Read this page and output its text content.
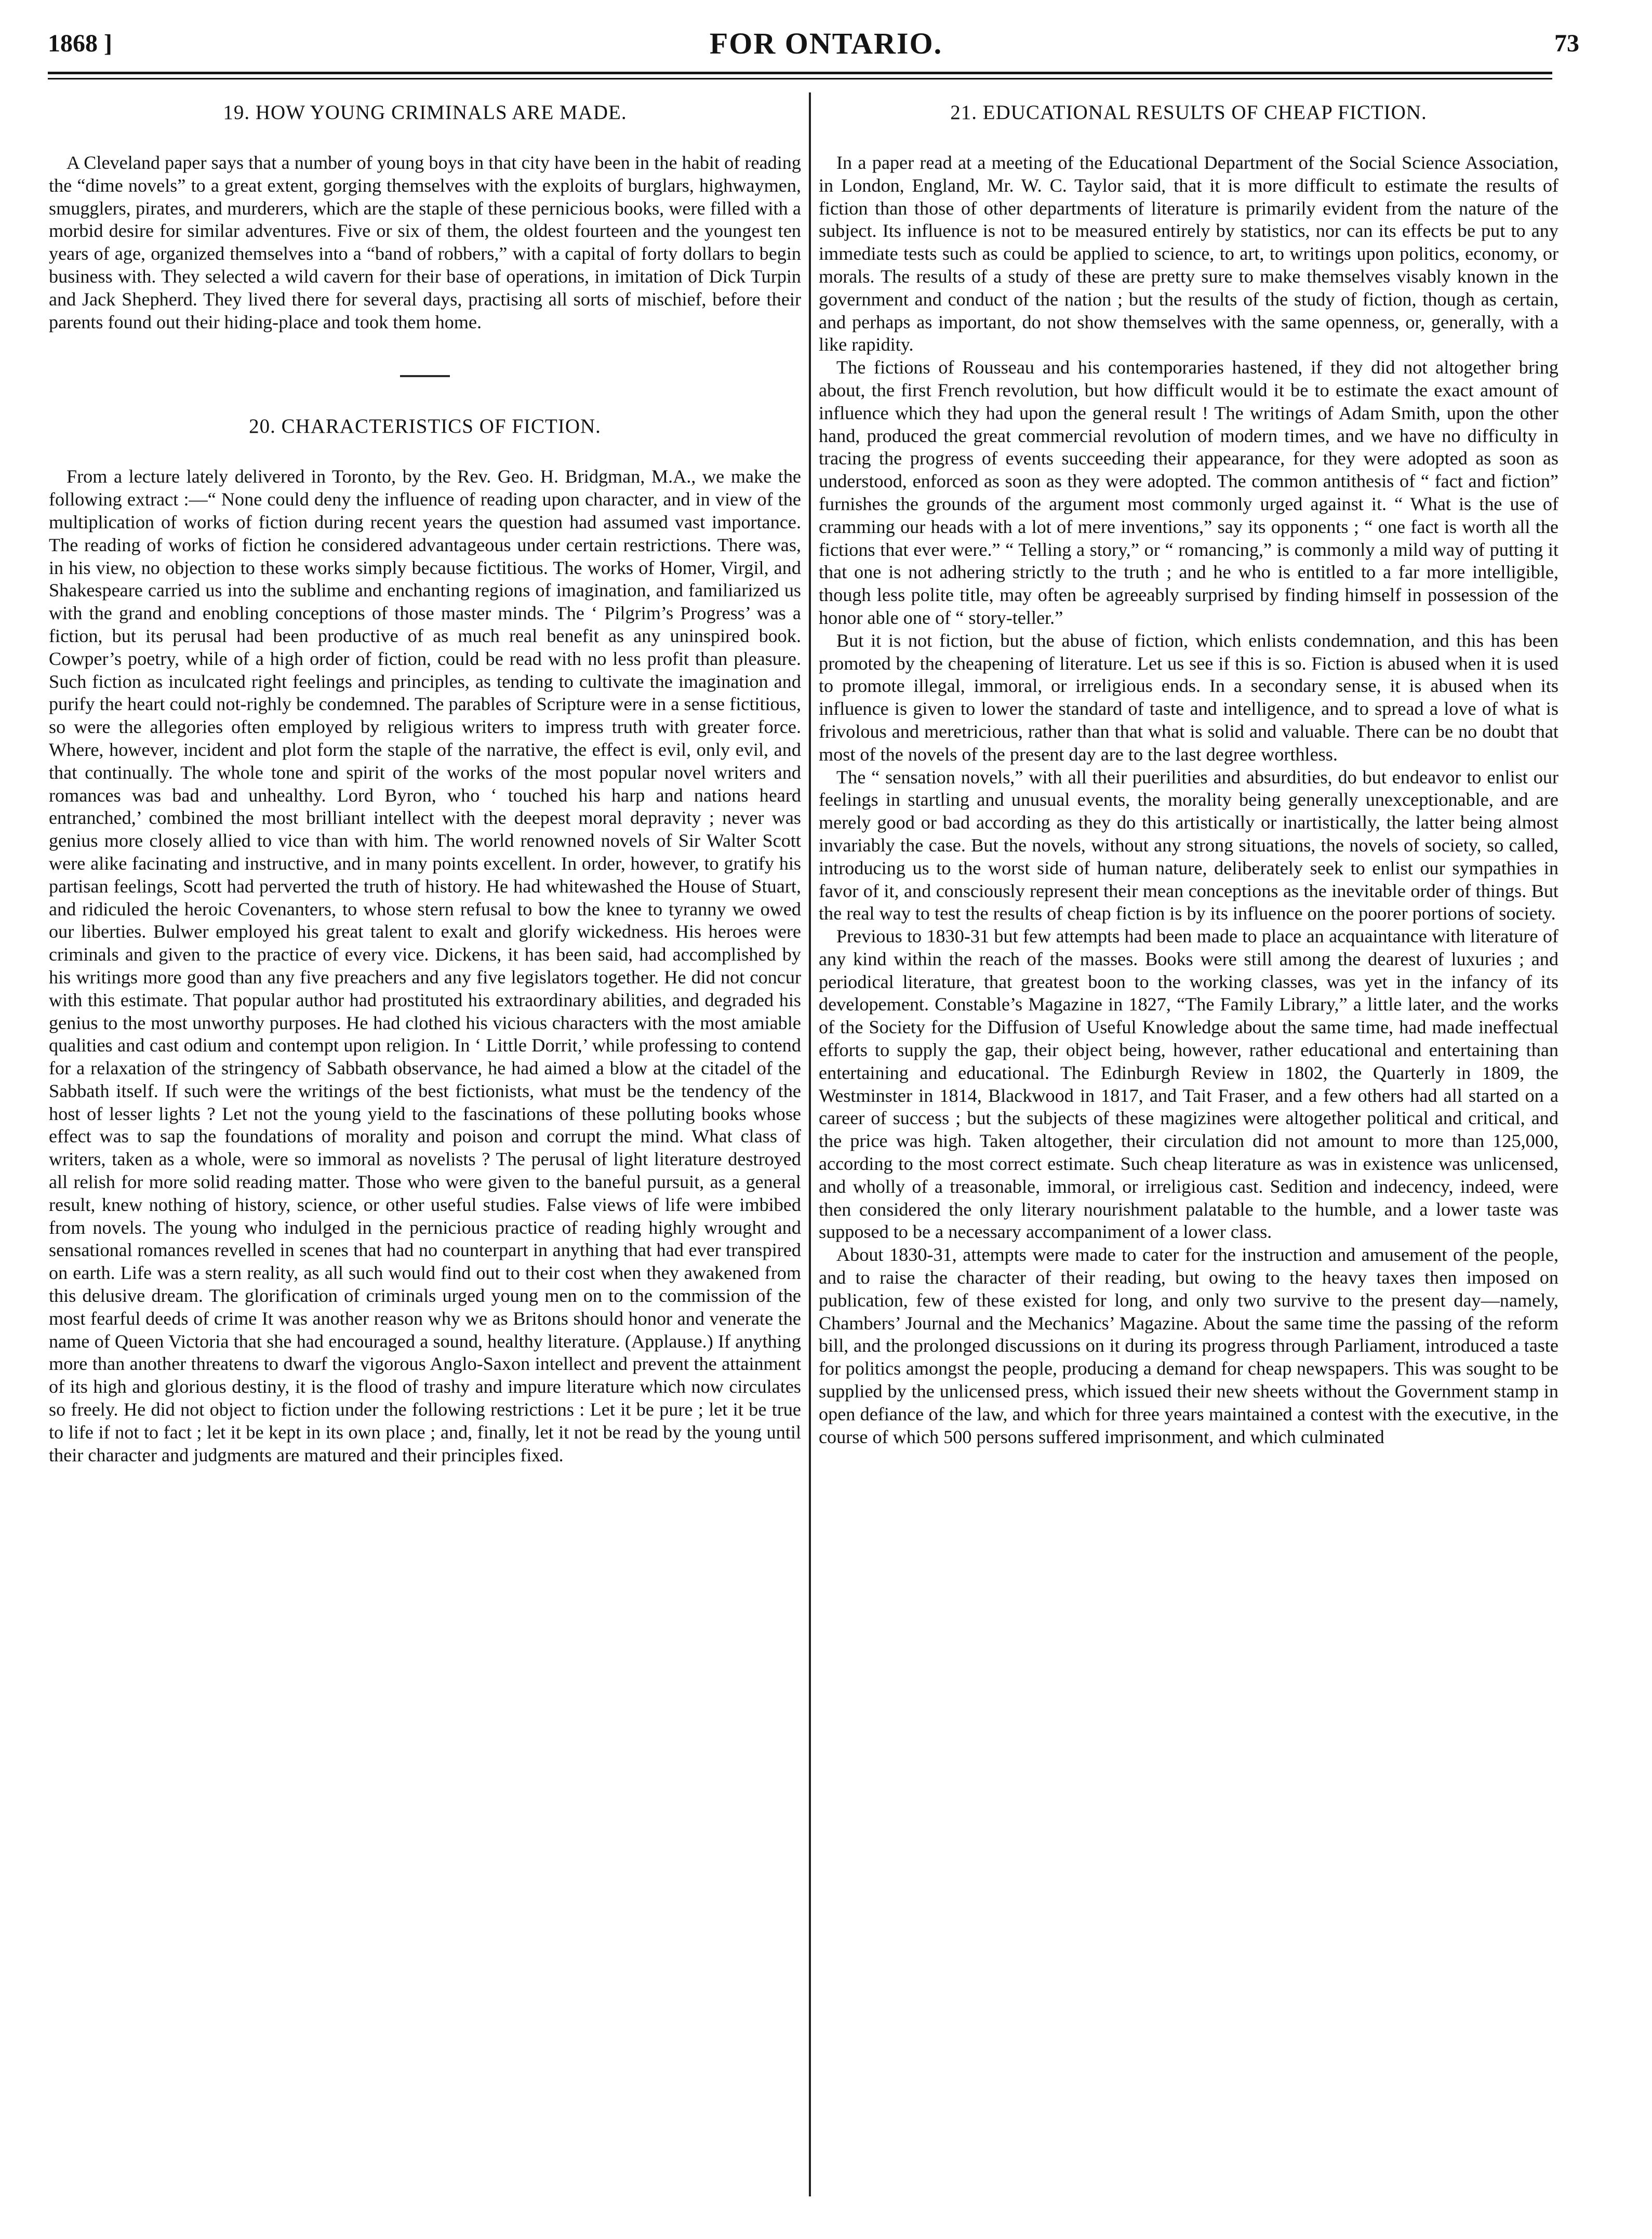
1868 ]	FOR ONTARIO.	73
19. HOW YOUNG CRIMINALS ARE MADE.

A Cleveland paper says that a number of young boys in that city have been in the habit of reading the “dime novels” to a great extent, gorging themselves with the exploits of burglars, highwaymen, smugglers, pirates, and murderers, which are the staple of these pernicious books, were filled with a morbid desire for similar adventures. Five or six of them, the oldest fourteen and the youngest ten years of age, organized themselves into a “band of robbers,” with a capital of forty dollars to begin business with. They selected a wild cavern for their base of operations, in imitation of Dick Turpin and Jack Shepherd. They lived there for several days, practising all sorts of mischief, before their parents found out their hiding-place and took them home.

20. CHARACTERISTICS OF FICTION.

From a lecture lately delivered in Toronto, by the Rev. Geo. H. Bridgman, M.A., we make the following extract :—“ None could deny the influence of reading upon character, and in view of the multiplication of works of fiction during recent years the question had assumed vast importance. The reading of works of fiction he considered advantageous under certain restrictions. There was, in his view, no objection to these works simply because fictitious. The works of Homer, Virgil, and Shakespeare carried us into the sublime and enchanting regions of imagination, and familiarized us with the grand and enobling conceptions of those master minds. The ‘ Pilgrim’s Progress’ was a fiction, but its perusal had been productive of as much real benefit as any uninspired book. Cowper’s poetry, while of a high order of fiction, could be read with no less profit than pleasure. Such fiction as inculcated right feelings and principles, as tending to cultivate the imagination and purify the heart could not-righly be condemned. The parables of Scripture were in a sense fictitious, so were the allegories often employed by religious writers to impress truth with greater force. Where, however, incident and plot form the staple of the narrative, the effect is evil, only evil, and that continually. The whole tone and spirit of the works of the most popular novel writers and romances was bad and unhealthy. Lord Byron, who ‘ touched his harp and nations heard entranched,’ combined the most brilliant intellect with the deepest moral depravity ; never was genius more closely allied to vice than with him. The world renowned novels of Sir Walter Scott were alike facinating and instructive, and in many points excellent. In order, however, to gratify his partisan feelings, Scott had perverted the truth of history. He had whitewashed the House of Stuart, and ridiculed the heroic Covenanters, to whose stern refusal to bow the knee to tyranny we owed our liberties. Bulwer employed his great talent to exalt and glorify wickedness. His heroes were criminals and given to the practice of every vice. Dickens, it has been said, had accomplished by his writings more good than any five preachers and any five legislators together. He did not concur with this estimate. That popular author had prostituted his extraordinary abilities, and degraded his genius to the most unworthy purposes. He had clothed his vicious characters with the most amiable qualities and cast odium and contempt upon religion. In ‘ Little Dorrit,’ while professing to contend for a relaxation of the stringency of Sabbath observance, he had aimed a blow at the citadel of the Sabbath itself. If such were the writings of the best fictionists, what must be the tendency of the host of lesser lights ? Let not the young yield to the fascinations of these polluting books whose effect was to sap the foundations of morality and poison and corrupt the mind. What class of writers, taken as a whole, were so immoral as novelists ? The perusal of light literature destroyed all relish for more solid reading matter. Those who were given to the baneful pursuit, as a general result, knew nothing of history, science, or other useful studies. False views of life were imbibed from novels. The young who indulged in the pernicious practice of reading highly wrought and sensational romances revelled in scenes that had no counterpart in anything that had ever transpired on earth. Life was a stern reality, as all such would find out to their cost when they awakened from this delusive dream. The glorification of criminals urged young men on to the commission of the most fearful deeds of crime It was another reason why we as Britons should honor and venerate the name of Queen Victoria that she had encouraged a sound, healthy literature. (Applause.) If anything more than another threatens to dwarf the vigorous Anglo-Saxon intellect and prevent the attainment of its high and glorious destiny, it is the flood of trashy and impure literature which now circulates so freely. He did not object to fiction under the following restrictions : Let it be pure ; let it be true to life if not to fact ; let it be kept in its own place ; and, finally, let it not be read by the young until their character and judgments are matured and their principles fixed.

21. EDUCATIONAL RESULTS OF CHEAP FICTION.

In a paper read at a meeting of the Educational Department of the Social Science Association, in London, England, Mr. W. C. Taylor said, that it is more difficult to estimate the results of fiction than those of other departments of literature is primarily evident from the nature of the subject. Its influence is not to be measured entirely by statistics, nor can its effects be put to any immediate tests such as could be applied to science, to art, to writings upon politics, economy, or morals. The results of a study of these are pretty sure to make themselves visably known in the government and conduct of the nation ; but the results of the study of fiction, though as certain, and perhaps as important, do not show themselves with the same openness, or, generally, with a like rapidity.

The fictions of Rousseau and his contemporaries hastened, if they did not altogether bring about, the first French revolution, but how difficult would it be to estimate the exact amount of influence which they had upon the general result ! The writings of Adam Smith, upon the other hand, produced the great commercial revolution of modern times, and we have no difficulty in tracing the progress of events succeeding their appearance, for they were adopted as soon as understood, enforced as soon as they were adopted. The common antithesis of “ fact and fiction” furnishes the grounds of the argument most commonly urged against it. “ What is the use of cramming our heads with a lot of mere inventions,” say its opponents ; “ one fact is worth all the fictions that ever were.” “ Telling a story,” or “ romancing,” is commonly a mild way of putting it that one is not adhering strictly to the truth ; and he who is entitled to a far more intelligible, though less polite title, may often be agreeably surprised by finding himself in possession of the honor able one of “ story-teller.”

But it is not fiction, but the abuse of fiction, which enlists condemnation, and this has been promoted by the cheapening of literature. Let us see if this is so. Fiction is abused when it is used to promote illegal, immoral, or irreligious ends. In a secondary sense, it is abused when its influence is given to lower the standard of taste and intelligence, and to spread a love of what is frivolous and meretricious, rather than that what is solid and valuable. There can be no doubt that most of the novels of the present day are to the last degree worthless.

The “ sensation novels,” with all their puerilities and absurdities, do but endeavor to enlist our feelings in startling and unusual events, the morality being generally unexceptionable, and are merely good or bad according as they do this artistically or inartistically, the latter being almost invariably the case. But the novels, without any strong situations, the novels of society, so called, introducing us to the worst side of human nature, deliberately seek to enlist our sympathies in favor of it, and consciously represent their mean conceptions as the inevitable order of things. But the real way to test the results of cheap fiction is by its influence on the poorer portions of society.

Previous to 1830-31 but few attempts had been made to place an acquaintance with literature of any kind within the reach of the masses. Books were still among the dearest of luxuries ; and periodical literature, that greatest boon to the working classes, was yet in the infancy of its developement. Constable’s Magazine in 1827, “The Family Library,” a little later, and the works of the Society for the Diffusion of Useful Knowledge about the same time, had made ineffectual efforts to supply the gap, their object being, however, rather educational and entertaining than entertaining and educational. The Edinburgh Review in 1802, the Quarterly in 1809, the Westminster in 1814, Blackwood in 1817, and Tait Fraser, and a few others had all started on a career of success ; but the subjects of these magizines were altogether political and critical, and the price was high. Taken altogether, their circulation did not amount to more than 125,000, according to the most correct estimate. Such cheap literature as was in existence was unlicensed, and wholly of a treasonable, immoral, or irreligious cast. Sedition and indecency, indeed, were then considered the only literary nourishment palatable to the humble, and a lower taste was supposed to be a necessary accompaniment of a lower class.

About 1830-31, attempts were made to cater for the instruction and amusement of the people, and to raise the character of their reading, but owing to the heavy taxes then imposed on publication, few of these existed for long, and only two survive to the present day—namely, Chambers’ Journal and the Mechanics’ Magazine. About the same time the passing of the reform bill, and the prolonged discussions on it during its progress through Parliament, introduced a taste for politics amongst the people, producing a demand for cheap newspapers. This was sought to be supplied by the unlicensed press, which issued their new sheets without the Government stamp in open defiance of the law, and which for three years maintained a contest with the executive, in the course of which 500 persons suffered imprisonment, and which culminated
